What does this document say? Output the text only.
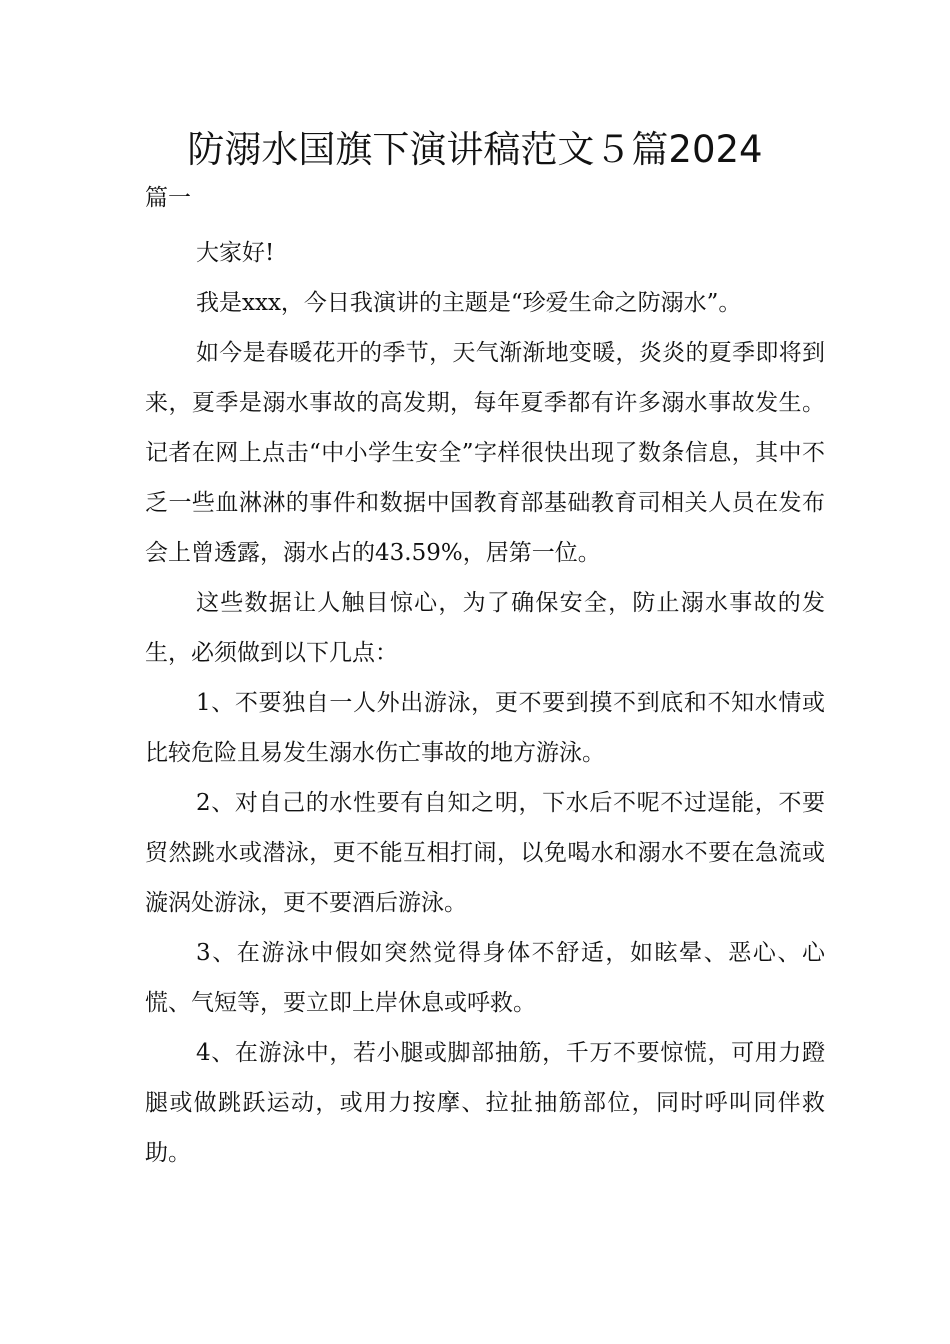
防溺水国旗下演讲稿范文５篇2024

篇一

大家好!

我是xxx，今日我演讲的主题是“珍爱生命之防溺水”。

如今是春暖花开的季节，天气渐渐地变暖，炎炎的夏季即将到来，夏季是溺水事故的高发期，每年夏季都有许多溺水事故发生。记者在网上点击“中小学生安全”字样很快出现了数条信息，其中不乏一些血淋淋的事件和数据中国教育部基础教育司相关人员在发布会上曾透露，溺水占的43.59%，居第一位。

这些数据让人触目惊心，为了确保安全，防止溺水事故的发生，必须做到以下几点：

1、不要独自一人外出游泳，更不要到摸不到底和不知水情或比较危险且易发生溺水伤亡事故的地方游泳。

2、对自己的水性要有自知之明，下水后不呢不过逞能，不要贸然跳水或潜泳，更不能互相打闹，以免喝水和溺水不要在急流或漩涡处游泳，更不要酒后游泳。

3、在游泳中假如突然觉得身体不舒适，如眩晕、恶心、心慌、气短等，要立即上岸休息或呼救。

4、在游泳中，若小腿或脚部抽筋，千万不要惊慌，可用力蹬腿或做跳跃运动，或用力按摩、拉扯抽筋部位，同时呼叫同伴救助。
